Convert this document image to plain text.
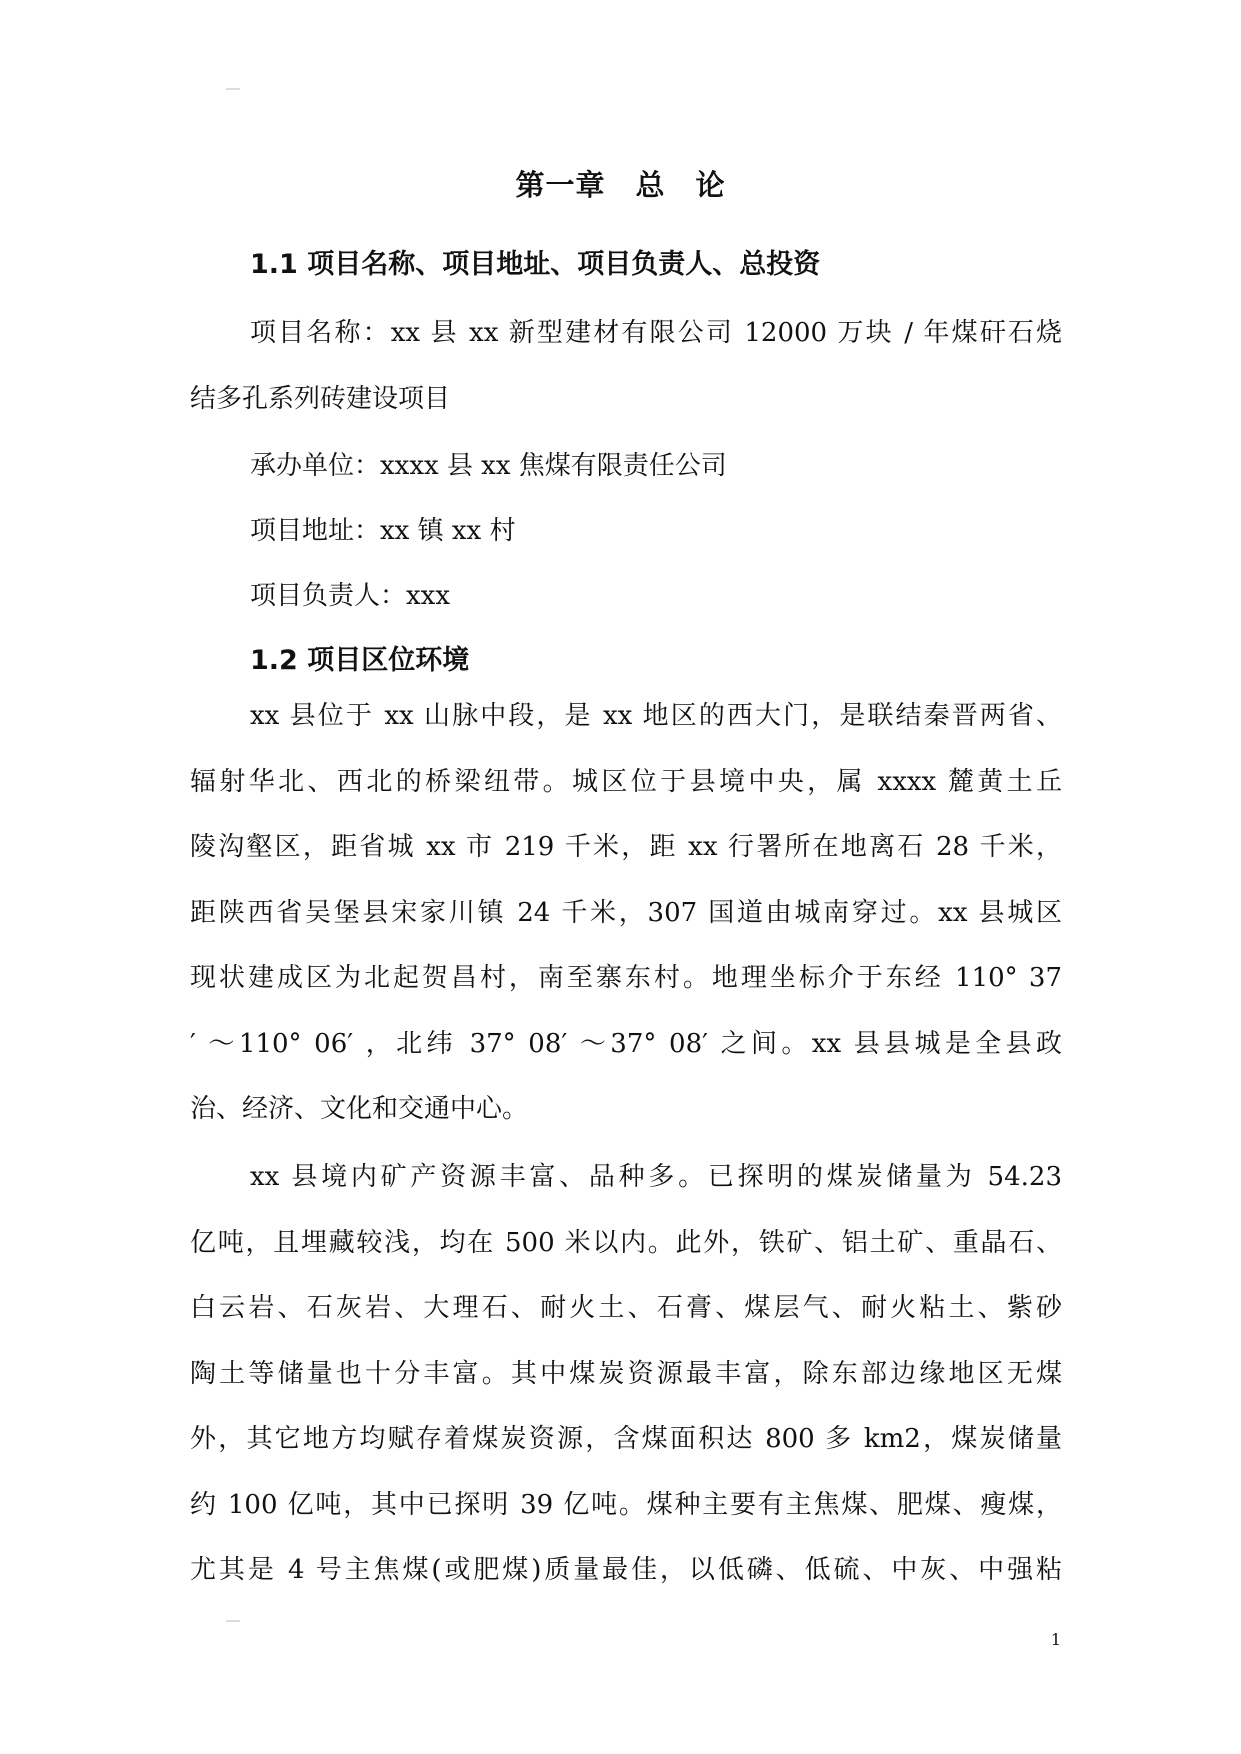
第一章　总　论
1.1 项目名称、项目地址、项目负责人、总投资
项目名称：xx 县 xx 新型建材有限公司 12000 万块 / 年煤矸石烧
结多孔系列砖建设项目
承办单位：xxxx 县 xx 焦煤有限责任公司
项目地址：xx 镇 xx 村
项目负责人：xxx
1.2 项目区位环境
xx 县位于 xx 山脉中段，是 xx 地区的西大门，是联结秦晋两省、
辐射华北、西北的桥梁纽带。城区位于县境中央，属 xxxx 麓黄土丘
陵沟壑区，距省城 xx 市 219 千米，距 xx 行署所在地离石 28 千米，
距陕西省吴堡县宋家川镇 24 千米，307 国道由城南穿过。xx 县城区
现状建成区为北起贺昌村，南至寨东村。地理坐标介于东经 110° 37
′ ～110° 06′ ，北纬 37° 08′ ～37° 08′ 之间。xx 县县城是全县政
治、经济、文化和交通中心。
xx 县境内矿产资源丰富、品种多。已探明的煤炭储量为 54.23
亿吨，且埋藏较浅，均在 500 米以内。此外，铁矿、铝土矿、重晶石、
白云岩、石灰岩、大理石、耐火土、石膏、煤层气、耐火粘土、紫砂
陶土等储量也十分丰富。其中煤炭资源最丰富，除东部边缘地区无煤
外，其它地方均赋存着煤炭资源，含煤面积达 800 多 km2，煤炭储量
约 100 亿吨，其中已探明 39 亿吨。煤种主要有主焦煤、肥煤、瘦煤，
尤其是 4 号主焦煤(或肥煤)质量最佳，以低磷、低硫、中灰、中强粘
1
